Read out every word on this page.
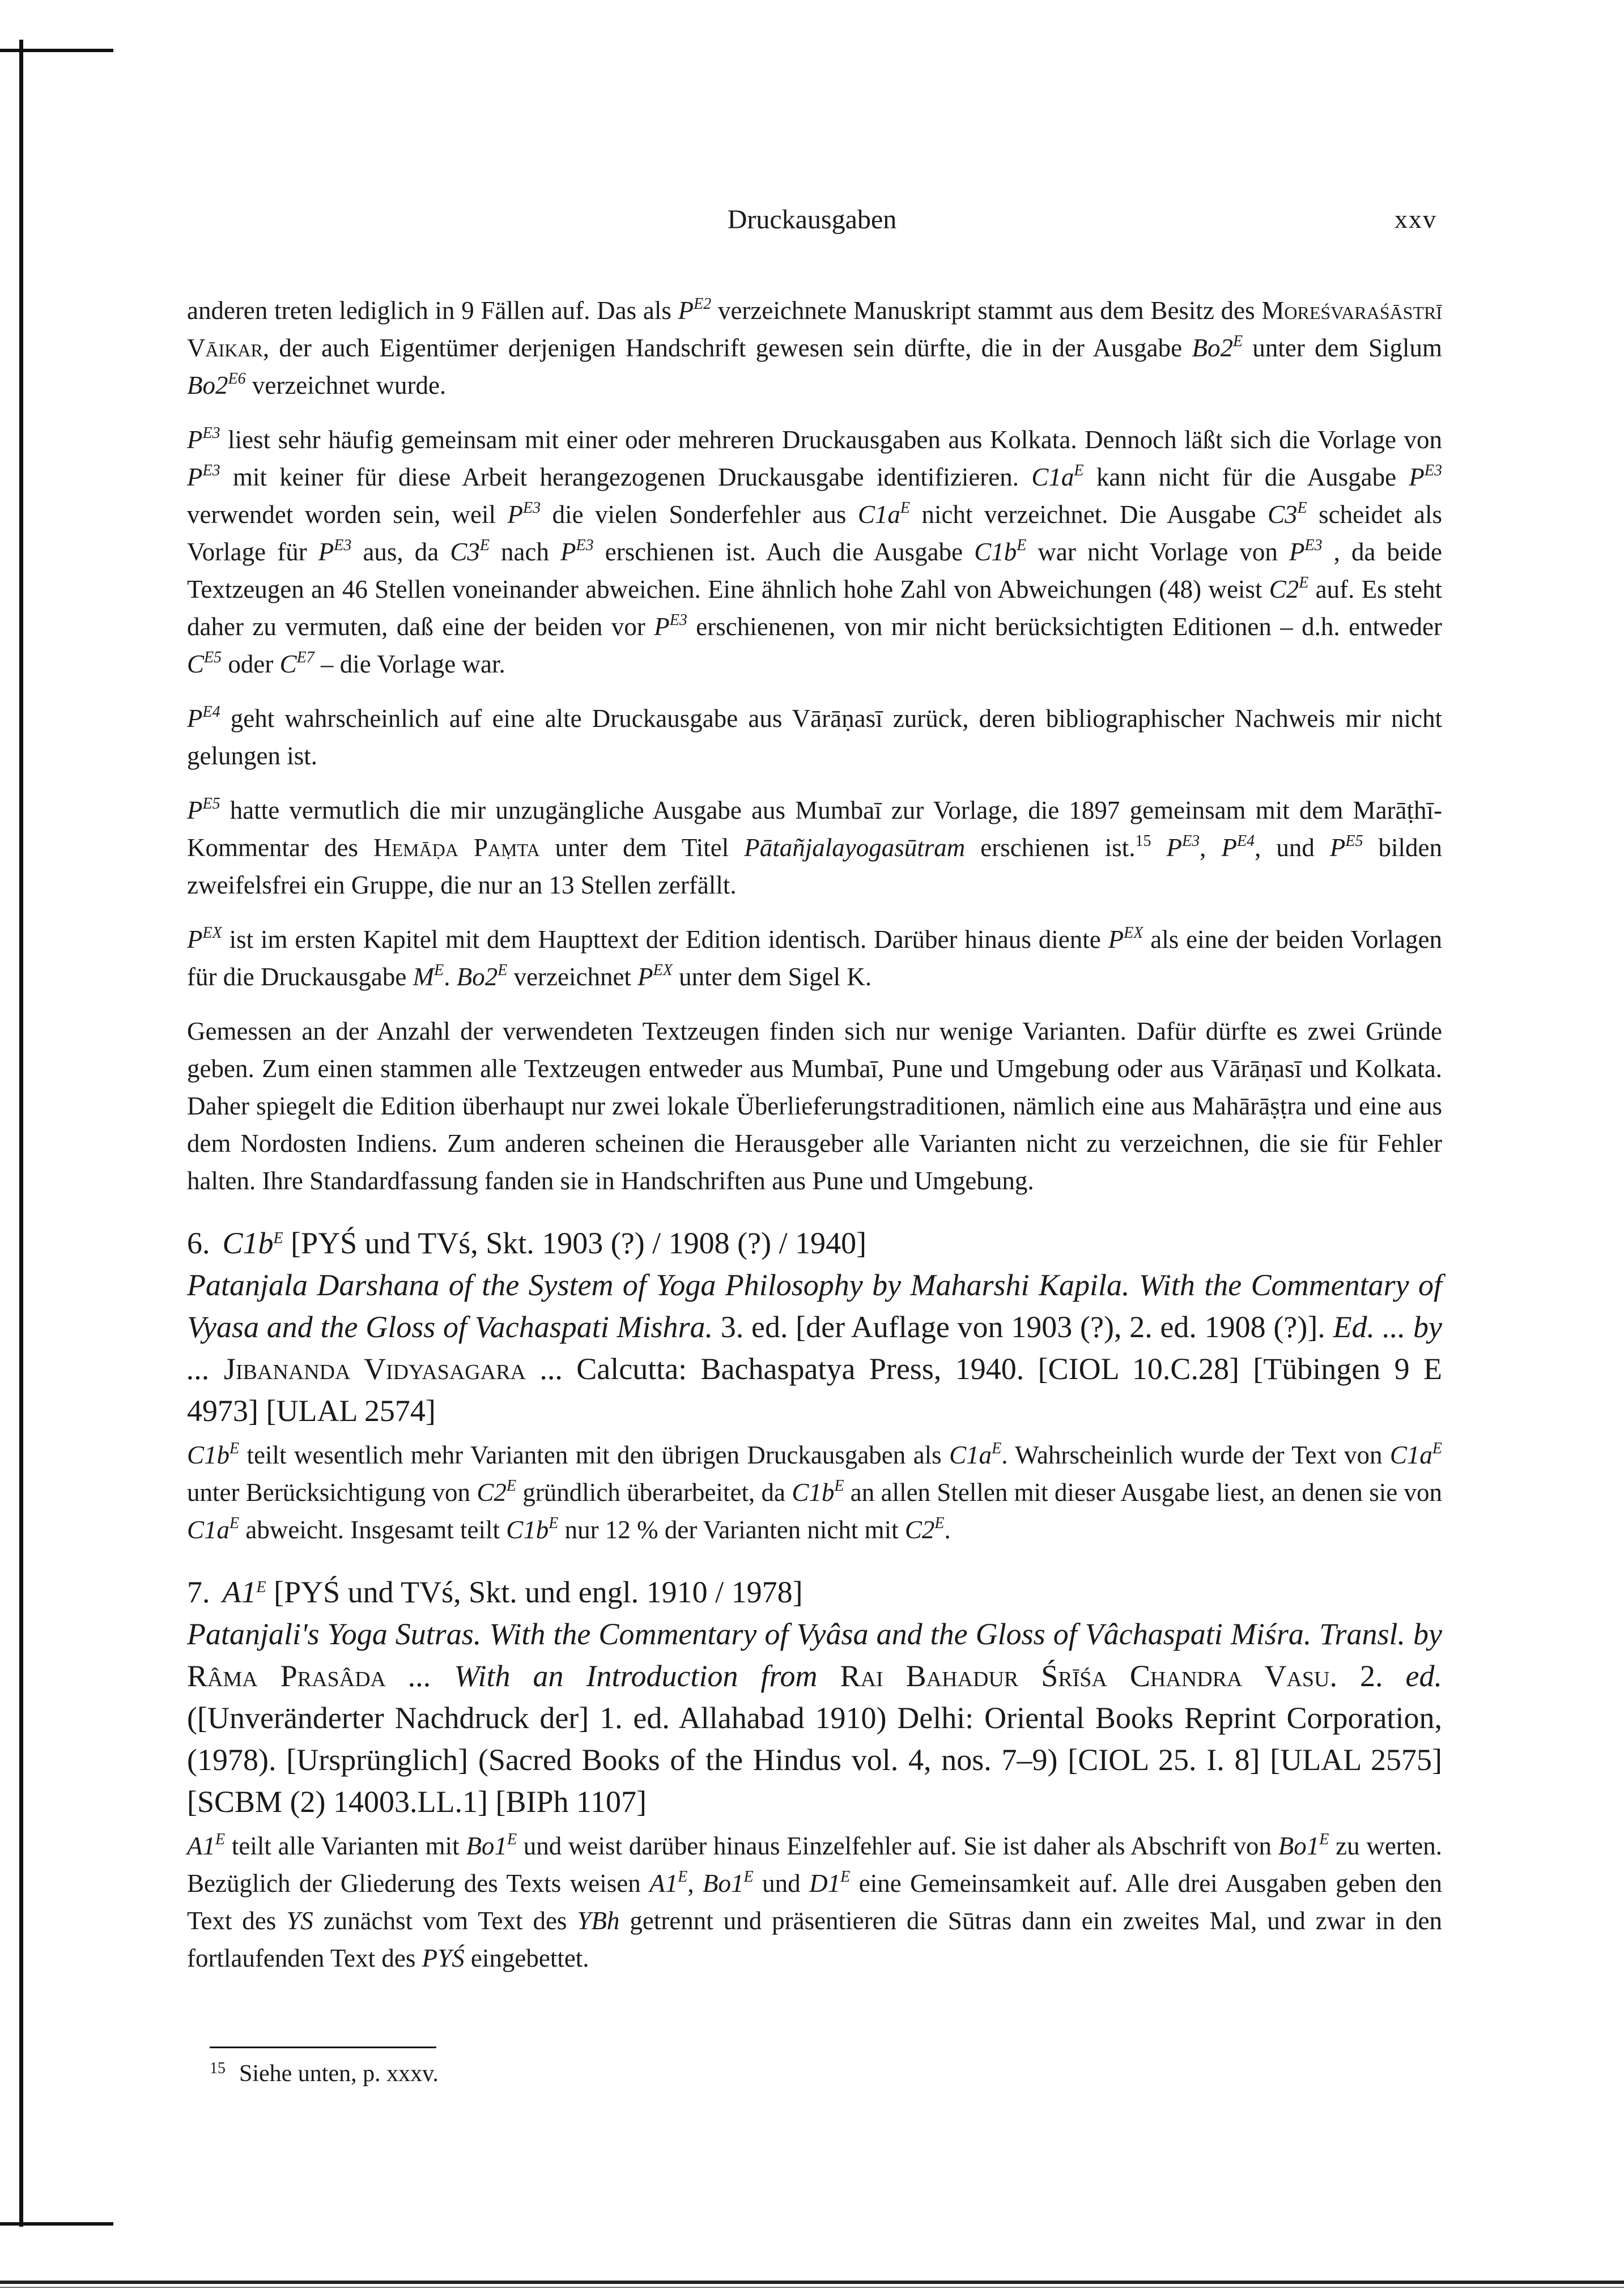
Druckausgaben	xxv

anderen treten lediglich in 9 Fällen auf. Das als $P^{E2}$ verzeichnete Manuskript stammt aus dem Besitz des Moreśvaraśāstrī Vāikar, der auch Eigentümer derjenigen Handschrift gewesen sein dürfte, die in der Ausgabe $Bo2^E$ unter dem Siglum $Bo2^{E6}$ verzeichnet wurde.

$P^{E3}$ liest sehr häufig gemeinsam mit einer oder mehreren Druckausgaben aus Kolkata. Dennoch läßt sich die Vorlage von $P^{E3}$ mit keiner für diese Arbeit herangezogenen Druckausgabe identifizieren. $C1a^E$ kann nicht für die Ausgabe $P^{E3}$ verwendet worden sein, weil $P^{E3}$ die vielen Sonderfehler aus $C1a^E$ nicht verzeichnet. Die Ausgabe $C3^E$ scheidet als Vorlage für $P^{E3}$ aus, da $C3^E$ nach $P^{E3}$ erschienen ist. Auch die Ausgabe $C1b^E$ war nicht Vorlage von $P^{E3}$ , da beide Textzeugen an 46 Stellen voneinander abweichen. Eine ähnlich hohe Zahl von Abweichungen (48) weist $C2^E$ auf. Es steht daher zu vermuten, daß eine der beiden vor $P^{E3}$ erschienenen, von mir nicht berücksichtigten Editionen – d.h. entweder $C^{E5}$ oder $C^{E7}$ – die Vorlage war.

$P^{E4}$ geht wahrscheinlich auf eine alte Druckausgabe aus Vārāṇasī zurück, deren bibliographischer Nachweis mir nicht gelungen ist.

$P^{E5}$ hatte vermutlich die mir unzugängliche Ausgabe aus Mumbaī zur Vorlage, die 1897 gemeinsam mit dem Marāṭhī-Kommentar des Hemāḍa Paṃta unter dem Titel Pātañjalayogasūtram erschienen ist.$^{15}$ $P^{E3}$, $P^{E4}$, und $P^{E5}$ bilden zweifelsfrei ein Gruppe, die nur an 13 Stellen zerfällt.

$P^{EX}$ ist im ersten Kapitel mit dem Haupttext der Edition identisch. Darüber hinaus diente $P^{EX}$ als eine der beiden Vorlagen für die Druckausgabe $M^E$. $Bo2^E$ verzeichnet $P^{EX}$ unter dem Sigel K.

Gemessen an der Anzahl der verwendeten Textzeugen finden sich nur wenige Varianten. Dafür dürfte es zwei Gründe geben. Zum einen stammen alle Textzeugen entweder aus Mumbaī, Pune und Umgebung oder aus Vārāṇasī und Kolkata. Daher spiegelt die Edition überhaupt nur zwei lokale Überlieferungstraditionen, nämlich eine aus Mahārāṣṭra und eine aus dem Nordosten Indiens. Zum anderen scheinen die Herausgeber alle Varianten nicht zu verzeichnen, die sie für Fehler halten. Ihre Standardfassung fanden sie in Handschriften aus Pune und Umgebung.

6. $C1b^E$ [PYŚ und TVś, Skt. 1903 (?) / 1908 (?) / 1940]
Patanjala Darshana of the System of Yoga Philosophy by Maharshi Kapila. With the Commentary of Vyasa and the Gloss of Vachaspati Mishra. 3. ed. [der Auflage von 1903 (?), 2. ed. 1908 (?)]. Ed. ... by ... Jibananda Vidyasagara ... Calcutta: Bachaspatya Press, 1940. [CIOL 10.C.28] [Tübingen 9 E 4973] [ULAL 2574]
$C1b^E$ teilt wesentlich mehr Varianten mit den übrigen Druckausgaben als $C1a^E$. Wahrscheinlich wurde der Text von $C1a^E$ unter Berücksichtigung von $C2^E$ gründlich überarbeitet, da $C1b^E$ an allen Stellen mit dieser Ausgabe liest, an denen sie von $C1a^E$ abweicht. Insgesamt teilt $C1b^E$ nur 12 % der Varianten nicht mit $C2^E$.
7. $A1^E$ [PYŚ und TVś, Skt. und engl. 1910 / 1978]
Patanjali's Yoga Sutras. With the Commentary of Vyâsa and the Gloss of Vâchaspati Miśra. Transl. by Râma Prasâda ... With an Introduction from Rai Bahadur Śrīśa Chandra Vasu. 2. ed. ([Unveränderter Nachdruck der] 1. ed. Allahabad 1910) Delhi: Oriental Books Reprint Corporation, (1978). [Ursprünglich] (Sacred Books of the Hindus vol. 4, nos. 7–9) [CIOL 25. I. 8] [ULAL 2575] [SCBM (2) 14003.LL.1] [BIPh 1107]
$A1^E$ teilt alle Varianten mit $Bo1^E$ und weist darüber hinaus Einzelfehler auf. Sie ist daher als Abschrift von $Bo1^E$ zu werten. Bezüglich der Gliederung des Texts weisen $A1^E$, $Bo1^E$ und $D1^E$ eine Gemeinsamkeit auf. Alle drei Ausgaben geben den Text des YS zunächst vom Text des YBh getrennt und präsentieren die Sūtras dann ein zweites Mal, und zwar in den fortlaufenden Text des PYŚ eingebettet.
$^{15}$ Siehe unten, p. xxxv.
